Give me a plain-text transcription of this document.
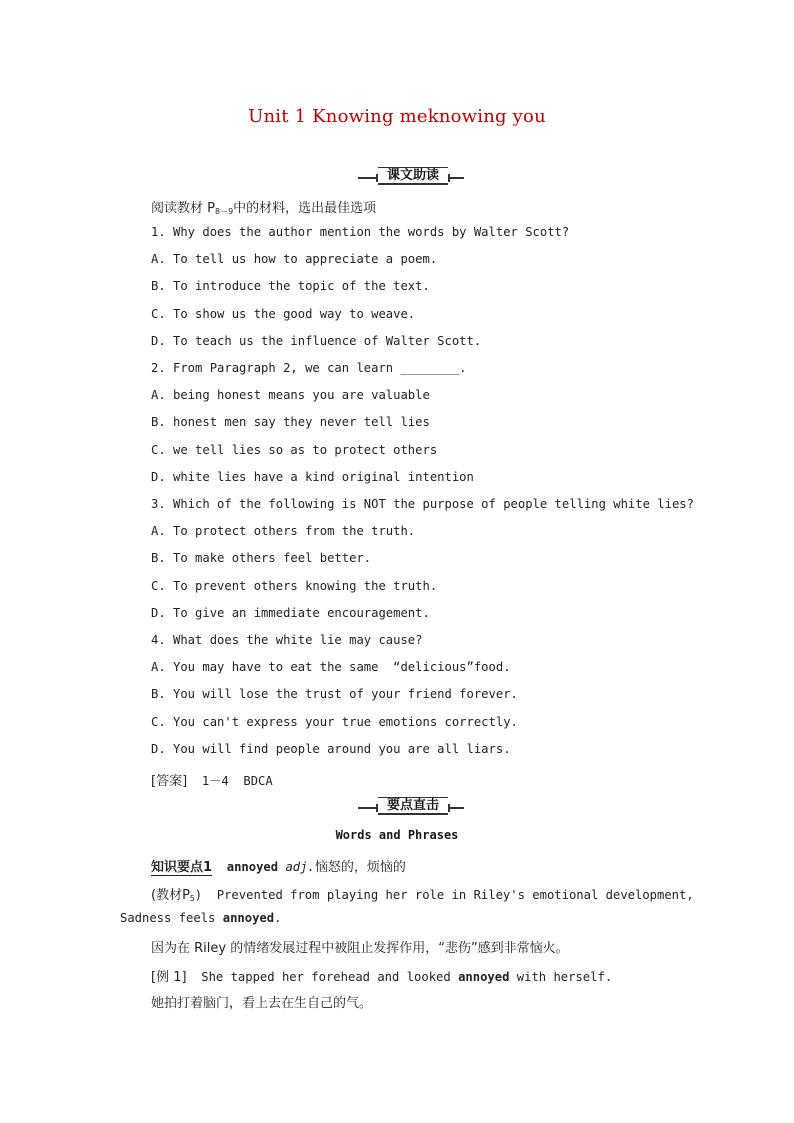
Unit 1 Knowing meknowing you
课文助读
阅读教材 $P_{8-9}$中的材料，选出最佳选项
1. Why does the author mention the words by Walter Scott?
A. To tell us how to appreciate a poem.
B. To introduce the topic of the text.
C. To show us the good way to weave.
D. To teach us the influence of Walter Scott.
2. From Paragraph 2, we can learn ________.
A. being honest means you are valuable
B. honest men say they never tell lies
C. we tell lies so as to protect others
D. white lies have a kind original intention
3. Which of the following is NOT the purpose of people telling white lies?
A. To protect others from the truth.
B. To make others feel better.
C. To prevent others knowing the truth.
D. To give an immediate encouragement.
4. What does the white lie may cause?
A. You may have to eat the same  “delicious”food.
B. You will lose the trust of your friend forever.
C. You can't express your true emotions correctly.
D. You will find people around you are all liars.
[答案] 1－4  BDCA
要点直击
Words and Phrases
知识要点1 annoyed adj.恼怒的，烦恼的
(教材$P_5$)  Prevented from playing her role in Riley's emotional development,
Sadness feels annoyed.
因为在 Riley 的情绪发展过程中被阻止发挥作用，“悲伤”感到非常恼火。
[例 1]  She tapped her forehead and looked annoyed with herself.
她拍打着脑门，看上去在生自己的气。
